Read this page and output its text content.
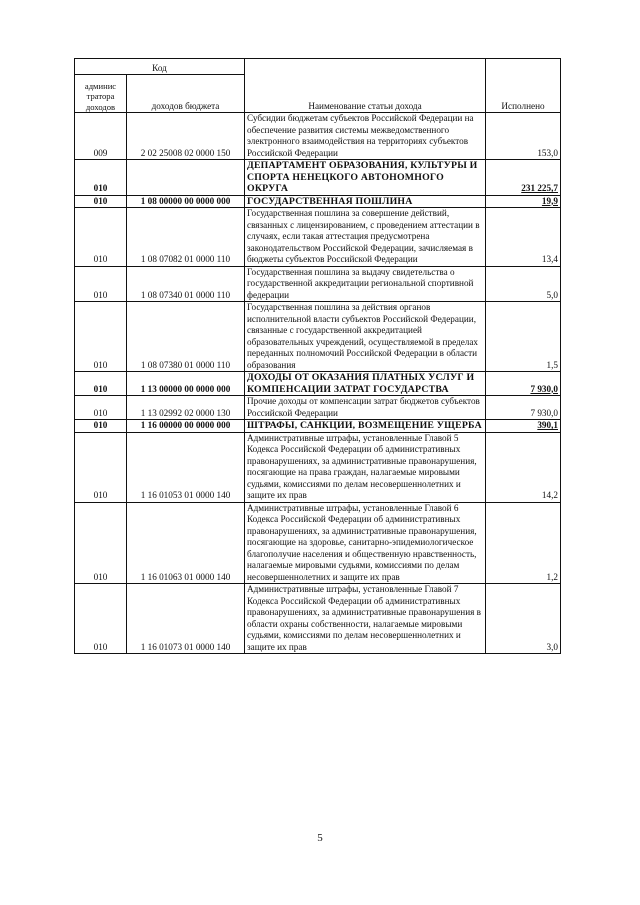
Код		Наименование статьи дохода	Исполнено
админис тратора доходов	доходов бюджета		
009	2 02 25008 02 0000 150	Субсидии бюджетам субъектов Российской Федерации на обеспечение развития системы межведомственного электронного взаимодействия на территориях субъектов Российской Федерации	153,0
010		ДЕПАРТАМЕНТ ОБРАЗОВАНИЯ, КУЛЬТУРЫ И СПОРТА НЕНЕЦКОГО АВТОНОМНОГО ОКРУГА	231 225,7
010	1 08 00000 00 0000 000	ГОСУДАРСТВЕННАЯ ПОШЛИНА	19,9
010	1 08 07082 01 0000 110	Государственная пошлина за совершение действий, связанных с лицензированием, с проведением аттестации в случаях, если такая аттестация предусмотрена законодательством Российской Федерации, зачисляемая в бюджеты субъектов Российской Федерации	13,4
010	1 08 07340 01 0000 110	Государственная пошлина за выдачу свидетельства о государственной аккредитации региональной спортивной федерации	5,0
010	1 08 07380 01 0000 110	Государственная пошлина за действия органов исполнительной власти субъектов Российской Федерации, связанные с государственной аккредитацией образовательных учреждений, осуществляемой в пределах переданных полномочий Российской Федерации в области образования	1,5
010	1 13 00000 00 0000 000	ДОХОДЫ ОТ ОКАЗАНИЯ ПЛАТНЫХ УСЛУГ И КОМПЕНСАЦИИ ЗАТРАТ ГОСУДАРСТВА	7 930,0
010	1 13 02992 02 0000 130	Прочие доходы от компенсации затрат бюджетов субъектов Российской Федерации	7 930,0
010	1 16 00000 00 0000 000	ШТРАФЫ, САНКЦИИ, ВОЗМЕЩЕНИЕ УЩЕРБА	390,1
010	1 16 01053 01 0000 140	Административные штрафы, установленные Главой 5 Кодекса Российской Федерации об административных правонарушениях, за административные правонарушения, посягающие на права граждан, налагаемые мировыми судьями, комиссиями по делам несовершеннолетних и защите их прав	14,2
010	1 16 01063 01 0000 140	Административные штрафы, установленные Главой 6 Кодекса Российской Федерации об административных правонарушениях, за административные правонарушения, посягающие на здоровье, санитарно-эпидемиологическое благополучие населения и общественную нравственность, налагаемые мировыми судьями, комиссиями по делам несовершеннолетних и защите их прав	1,2
010	1 16 01073 01 0000 140	Административные штрафы, установленные Главой 7 Кодекса Российской Федерации об административных правонарушениях, за административные правонарушения в области охраны собственности, налагаемые мировыми судьями, комиссиями по делам несовершеннолетних и защите их прав	3,0
5
